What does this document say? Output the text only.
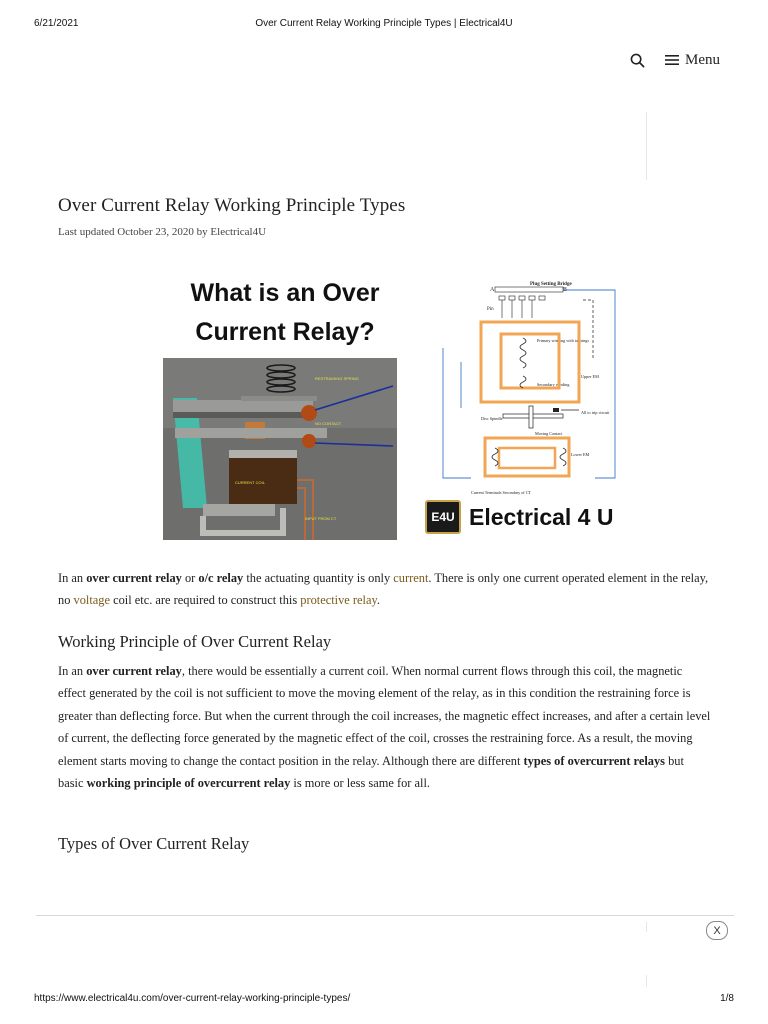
6/21/2021	Over Current Relay Working Principle Types | Electrical4U
Menu
Over Current Relay Working Principle Types
Last updated October 23, 2020 by Electrical4U
What is an Over Current Relay?
RESTRAINING SPRING
NO CONTACT
CURRENT COIL
INPUT FROM CT
Plug Setting Bridge
A	B
Pin
Primary winding with tappings
Secondary winding
Upper EM
Disc Spindle
All to trip circuit
Moving Contact
Lower EM
Current Terminals Secondary of CT
E4U Electrical 4 U

In an over current relay or o/c relay the actuating quantity is only current. There is only one current operated element in the relay, no voltage coil etc. are required to construct this protective relay.

Working Principle of Over Current Relay

In an over current relay, there would be essentially a current coil. When normal current flows through this coil, the magnetic effect generated by the coil is not sufficient to move the moving element of the relay, as in this condition the restraining force is greater than deflecting force. But when the current through the coil increases, the magnetic effect increases, and after a certain level of current, the deflecting force generated by the magnetic effect of the coil, crosses the restraining force. As a result, the moving element starts moving to change the contact position in the relay. Although there are different types of overcurrent relays but basic working principle of overcurrent relay is more or less same for all.

Types of Over Current Relay
X
https://www.electrical4u.com/over-current-relay-working-principle-types/	1/8
